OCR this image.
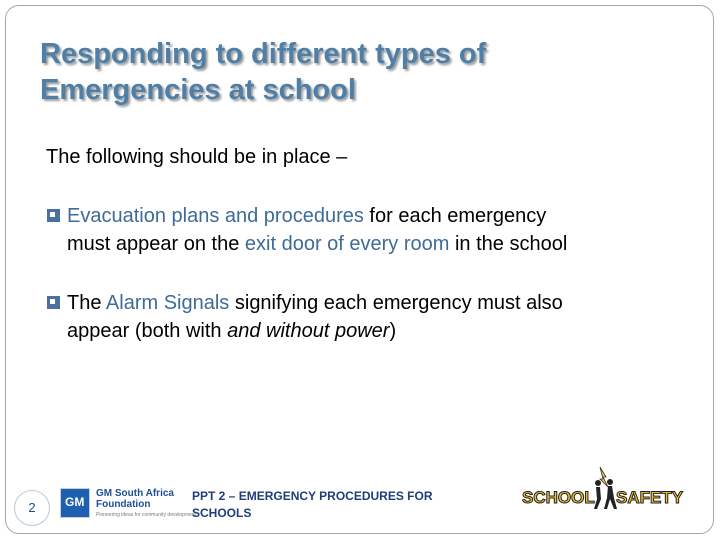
Responding to different types of
Emergencies at school
The following should be in place –
Evacuation plans and procedures for each emergency
must appear on the exit door of every room in the school
The Alarm Signals signifying each emergency must also
appear (both with and without power)
2	GM
GM South Africa
Foundation
Pioneering ideas for community development
PPT 2 – EMERGENCY PROCEDURES FOR
SCHOOLS
SCHOOL SAFETY
